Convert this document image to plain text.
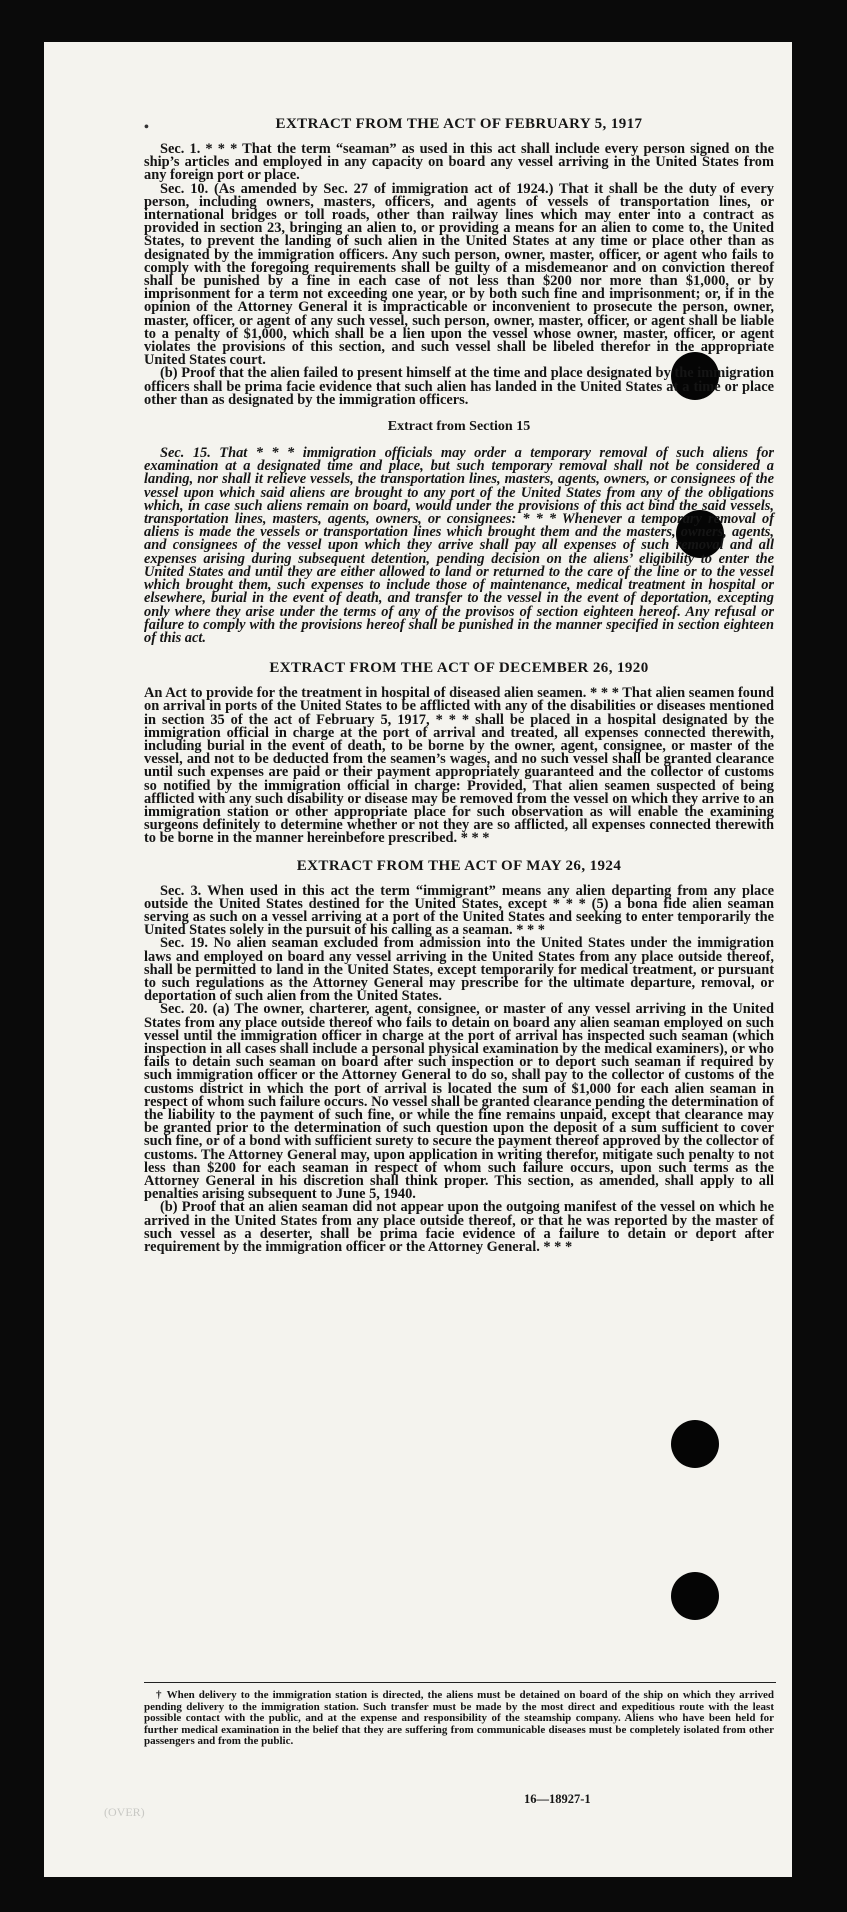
•	EXTRACT FROM THE ACT OF FEBRUARY 5, 1917

Sec. 1. * * * That the term “seaman” as used in this act shall include every person signed on the ship’s articles and employed in any capacity on board any vessel arriving in the United States from any foreign port or place.

Sec. 10. (As amended by Sec. 27 of immigration act of 1924.) That it shall be the duty of every person, including owners, masters, officers, and agents of vessels of transportation lines, or international bridges or toll roads, other than railway lines which may enter into a contract as provided in section 23, bringing an alien to, or providing a means for an alien to come to, the United States, to prevent the landing of such alien in the United States at any time or place other than as designated by the immigration officers. Any such person, owner, master, officer, or agent who fails to comply with the foregoing requirements shall be guilty of a misdemeanor and on conviction thereof shall be punished by a fine in each case of not less than $200 nor more than $1,000, or by imprisonment for a term not exceeding one year, or by both such fine and imprisonment; or, if in the opinion of the Attorney General it is impracticable or inconvenient to prosecute the person, owner, master, officer, or agent of any such vessel, such person, owner, master, officer, or agent shall be liable to a penalty of $1,000, which shall be a lien upon the vessel whose owner, master, officer, or agent violates the provisions of this section, and such vessel shall be libeled therefor in the appropriate United States court.

(b) Proof that the alien failed to present himself at the time and place designated by the immigration officers shall be prima facie evidence that such alien has landed in the United States at a time or place other than as designated by the immigration officers.

Extract from Section 15

Sec. 15. That * * * immigration officials may order a temporary removal of such aliens for examination at a designated time and place, but such temporary removal shall not be considered a landing, nor shall it relieve vessels, the transportation lines, masters, agents, owners, or consignees of the vessel upon which said aliens are brought to any port of the United States from any of the obligations which, in case such aliens remain on board, would under the provisions of this act bind the said vessels, transportation lines, masters, agents, owners, or consignees: * * * Whenever a temporary removal of aliens is made the vessels or transportation lines which brought them and the masters, owners, agents, and consignees of the vessel upon which they arrive shall pay all expenses of such removal and all expenses arising during subsequent detention, pending decision on the aliens’ eligibility to enter the United States and until they are either allowed to land or returned to the care of the line or to the vessel which brought them, such expenses to include those of maintenance, medical treatment in hospital or elsewhere, burial in the event of death, and transfer to the vessel in the event of deportation, excepting only where they arise under the terms of any of the provisos of section eighteen hereof. Any refusal or failure to comply with the provisions hereof shall be punished in the manner specified in section eighteen of this act.

EXTRACT FROM THE ACT OF DECEMBER 26, 1920

An Act to provide for the treatment in hospital of diseased alien seamen. * * * That alien seamen found on arrival in ports of the United States to be afflicted with any of the disabilities or diseases mentioned in section 35 of the act of February 5, 1917, * * * shall be placed in a hospital designated by the immigration official in charge at the port of arrival and treated, all expenses connected therewith, including burial in the event of death, to be borne by the owner, agent, consignee, or master of the vessel, and not to be deducted from the seamen’s wages, and no such vessel shall be granted clearance until such expenses are paid or their payment appropriately guaranteed and the collector of customs so notified by the immigration official in charge: Provided, That alien seamen suspected of being afflicted with any such disability or disease may be removed from the vessel on which they arrive to an immigration station or other appropriate place for such observation as will enable the examining surgeons definitely to determine whether or not they are so afflicted, all expenses connected therewith to be borne in the manner hereinbefore prescribed. * * *

EXTRACT FROM THE ACT OF MAY 26, 1924

Sec. 3. When used in this act the term “immigrant” means any alien departing from any place outside the United States destined for the United States, except * * * (5) a bona fide alien seaman serving as such on a vessel arriving at a port of the United States and seeking to enter temporarily the United States solely in the pursuit of his calling as a seaman. * * *

Sec. 19. No alien seaman excluded from admission into the United States under the immigration laws and employed on board any vessel arriving in the United States from any place outside thereof, shall be permitted to land in the United States, except temporarily for medical treatment, or pursuant to such regulations as the Attorney General may prescribe for the ultimate departure, removal, or deportation of such alien from the United States.

Sec. 20. (a) The owner, charterer, agent, consignee, or master of any vessel arriving in the United States from any place outside thereof who fails to detain on board any alien seaman employed on such vessel until the immigration officer in charge at the port of arrival has inspected such seaman (which inspection in all cases shall include a personal physical examination by the medical examiners), or who fails to detain such seaman on board after such inspection or to deport such seaman if required by such immigration officer or the Attorney General to do so, shall pay to the collector of customs of the customs district in which the port of arrival is located the sum of $1,000 for each alien seaman in respect of whom such failure occurs. No vessel shall be granted clearance pending the determination of the liability to the payment of such fine, or while the fine remains unpaid, except that clearance may be granted prior to the determination of such question upon the deposit of a sum sufficient to cover such fine, or of a bond with sufficient surety to secure the payment thereof approved by the collector of customs. The Attorney General may, upon application in writing therefor, mitigate such penalty to not less than $200 for each seaman in respect of whom such failure occurs, upon such terms as the Attorney General in his discretion shall think proper. This section, as amended, shall apply to all penalties arising subsequent to June 5, 1940.

(b) Proof that an alien seaman did not appear upon the outgoing manifest of the vessel on which he arrived in the United States from any place outside thereof, or that he was reported by the master of such vessel as a deserter, shall be prima facie evidence of a failure to detain or deport after requirement by the immigration officer or the Attorney General. * * *

† When delivery to the immigration station is directed, the aliens must be detained on board of the ship on which they arrived pending delivery to the immigration station. Such transfer must be made by the most direct and expeditious route with the least possible contact with the public, and at the expense and responsibility of the steamship company. Aliens who have been held for further medical examination in the belief that they are suffering from communicable diseases must be completely isolated from other passengers and from the public.

16—18927-1
(OVER)
